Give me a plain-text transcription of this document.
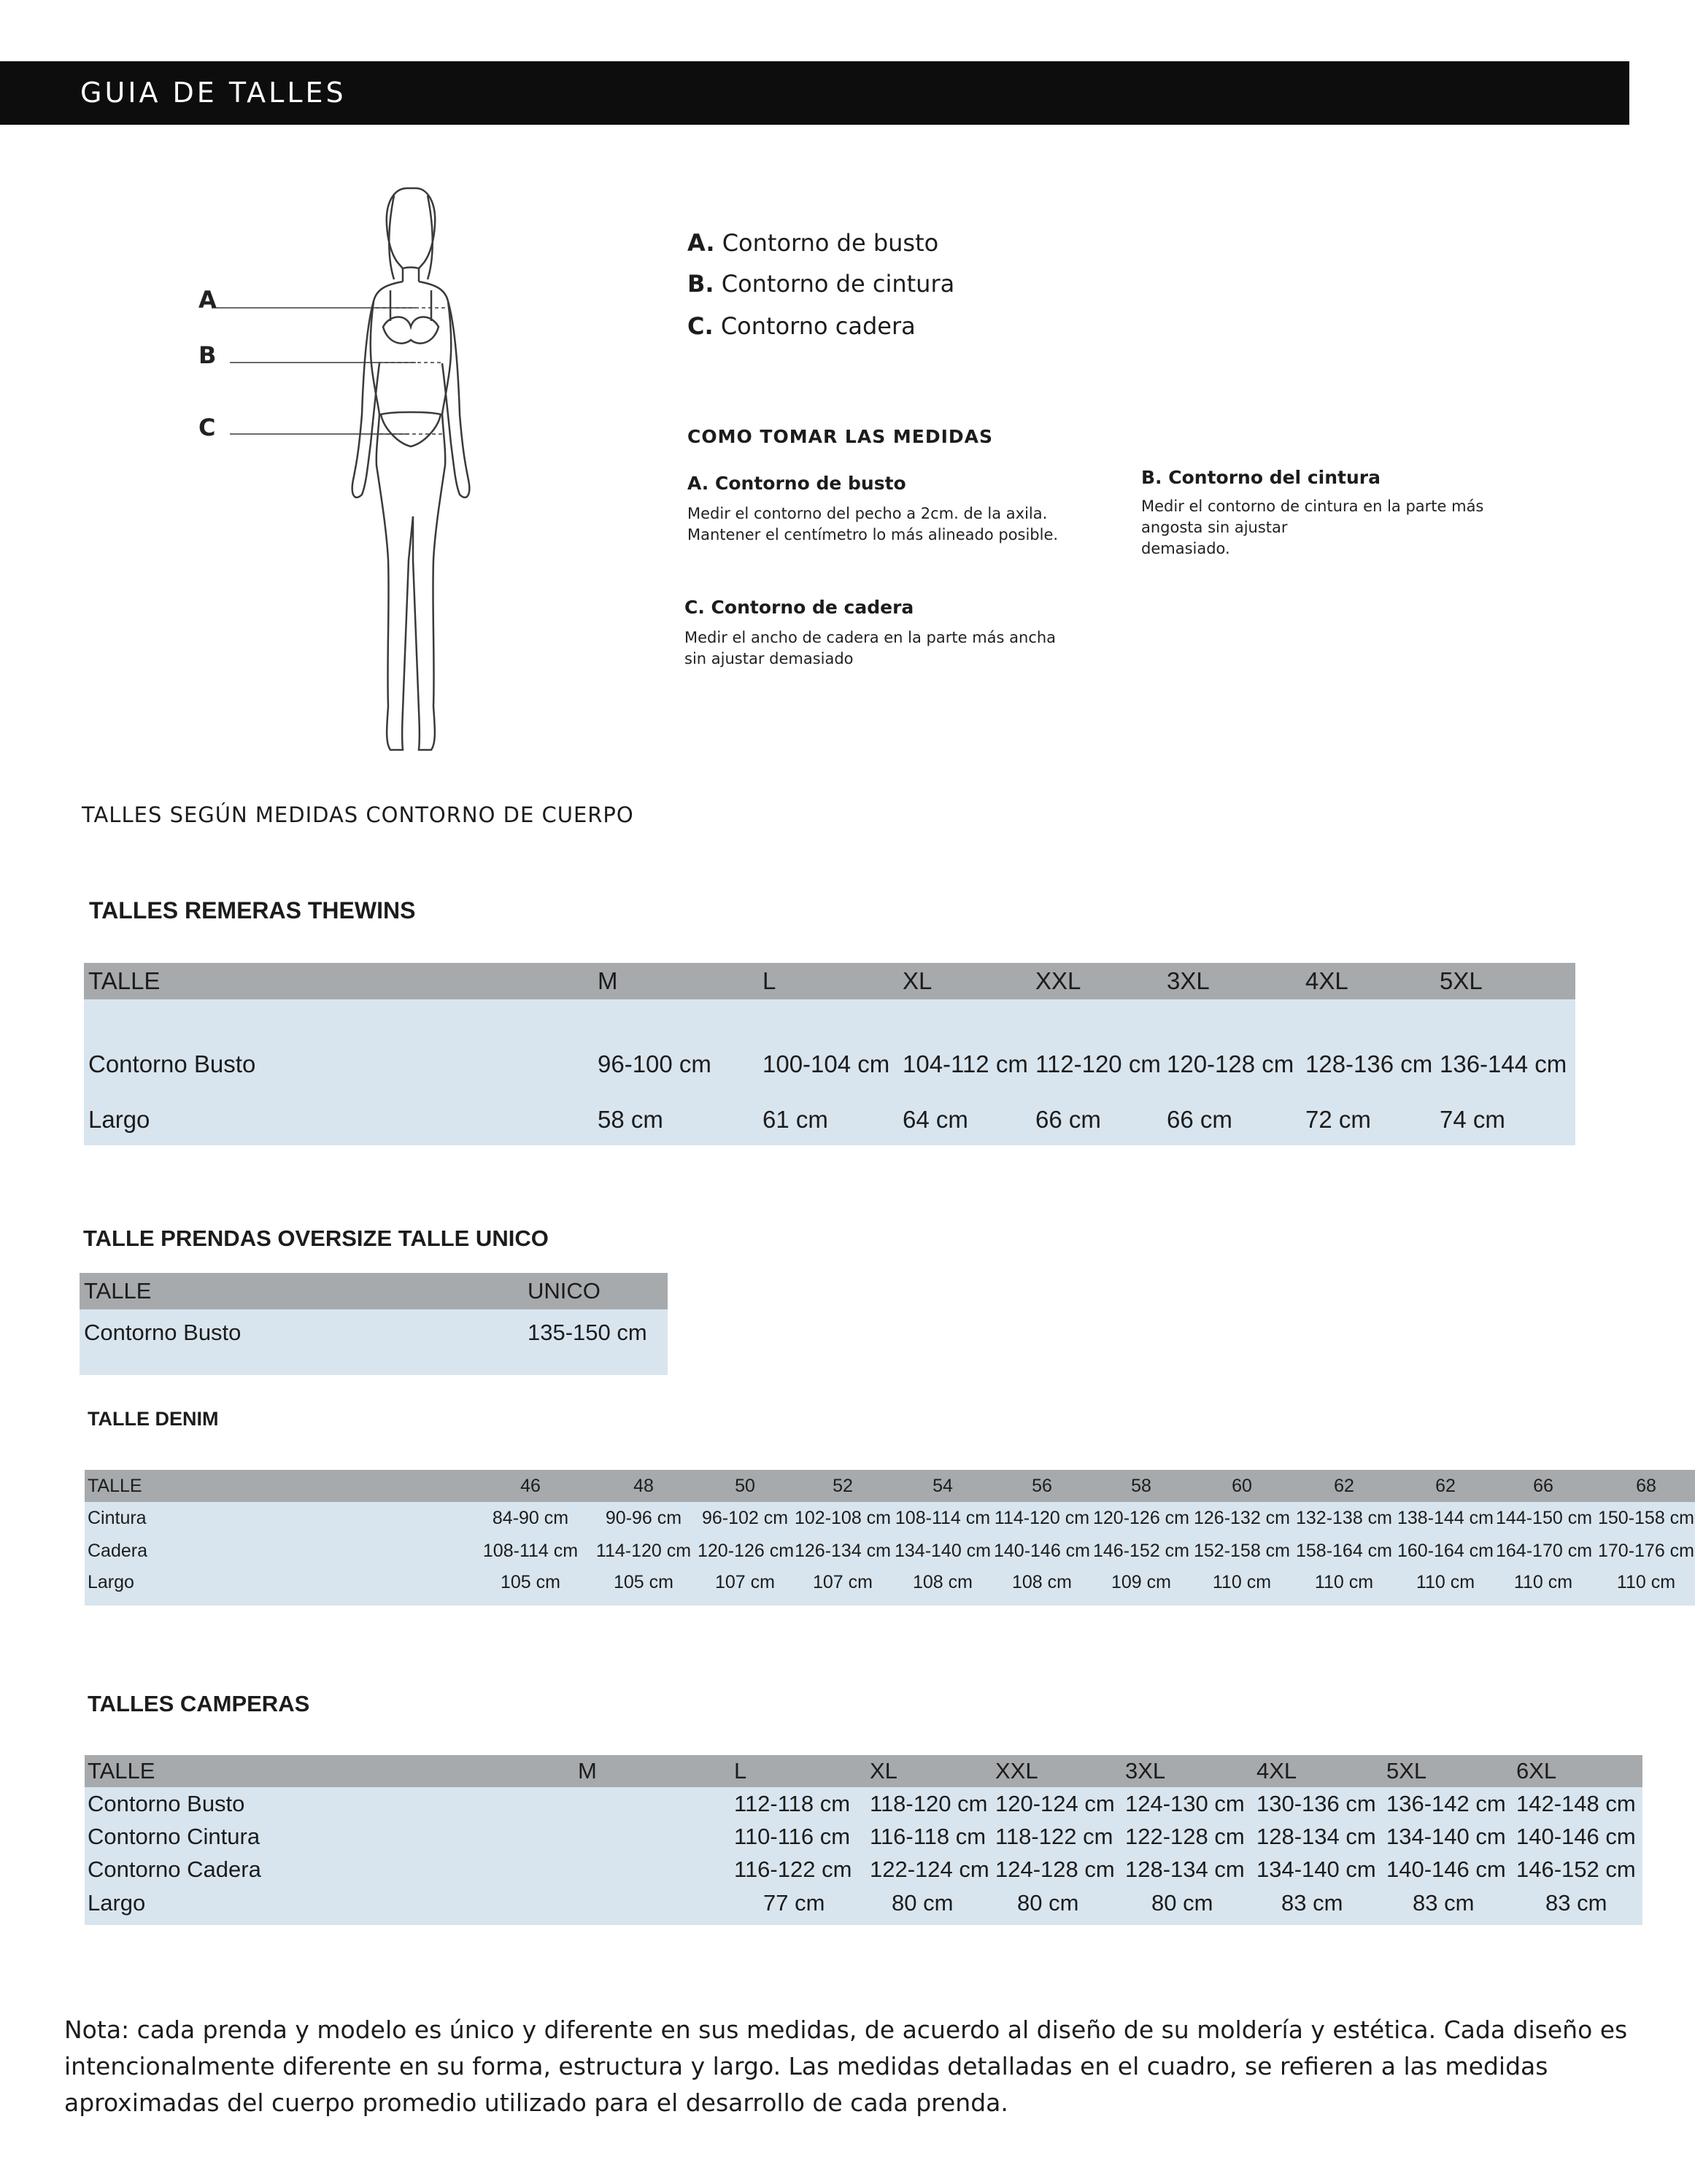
GUIA DE TALLES
A
B
C
A. Contorno de busto
B. Contorno de cintura
C. Contorno cadera
COMO TOMAR LAS MEDIDAS
A. Contorno de busto
Medir el contorno del pecho a 2cm. de la axila.
Mantener el centímetro lo más alineado posible.
B. Contorno del cintura
Medir el contorno de cintura en la parte más
angosta sin ajustar
demasiado.
C. Contorno de cadera
Medir el ancho de cadera en la parte más ancha
sin ajustar demasiado
TALLES SEGÚN MEDIDAS CONTORNO DE CUERPO
TALLES REMERAS THEWINS
TALLE	M	L	XL	XXL	3XL	4XL	5XL
Contorno Busto	96-100 cm	100-104 cm	104-112 cm	112-120 cm	120-128 cm	128-136 cm	136-144 cm
Largo	58 cm	61 cm	64 cm	66 cm	66 cm	72 cm	74 cm
TALLE PRENDAS OVERSIZE TALLE UNICO
TALLE	UNICO
Contorno Busto	135-150 cm
TALLE DENIM
TALLE	46	48	50	52	54	56	58	60	62	62	66	68
Cintura	84-90 cm	90-96 cm	96-102 cm	102-108 cm	108-114 cm	114-120 cm	120-126 cm	126-132 cm	132-138 cm	138-144 cm	144-150 cm	150-158 cm
Cadera	108-114 cm	114-120 cm	120-126 cm	126-134 cm	134-140 cm	140-146 cm	146-152 cm	152-158 cm	158-164 cm	160-164 cm	164-170 cm	170-176 cm
Largo	105 cm	105 cm	107 cm	107 cm	108 cm	108 cm	109 cm	110 cm	110 cm	110 cm	110 cm	110 cm
TALLES CAMPERAS
TALLE	M	L	XL	XXL	3XL	4XL	5XL	6XL
Contorno Busto		112-118 cm	118-120 cm	120-124 cm	124-130 cm	130-136 cm	136-142 cm	142-148 cm
Contorno Cintura		110-116 cm	116-118 cm	118-122 cm	122-128 cm	128-134 cm	134-140 cm	140-146 cm
Contorno Cadera		116-122 cm	122-124 cm	124-128 cm	128-134 cm	134-140 cm	140-146 cm	146-152 cm
Largo		77 cm	80 cm	80 cm	80 cm	83 cm	83 cm	83 cm
Nota: cada prenda y modelo es único y diferente en sus medidas, de acuerdo al diseño de su moldería y estética. Cada diseño es intencionalmente diferente en su forma, estructura y largo. Las medidas detalladas en el cuadro, se refieren a las medidas aproximadas del cuerpo promedio utilizado para el desarrollo de cada prenda.
